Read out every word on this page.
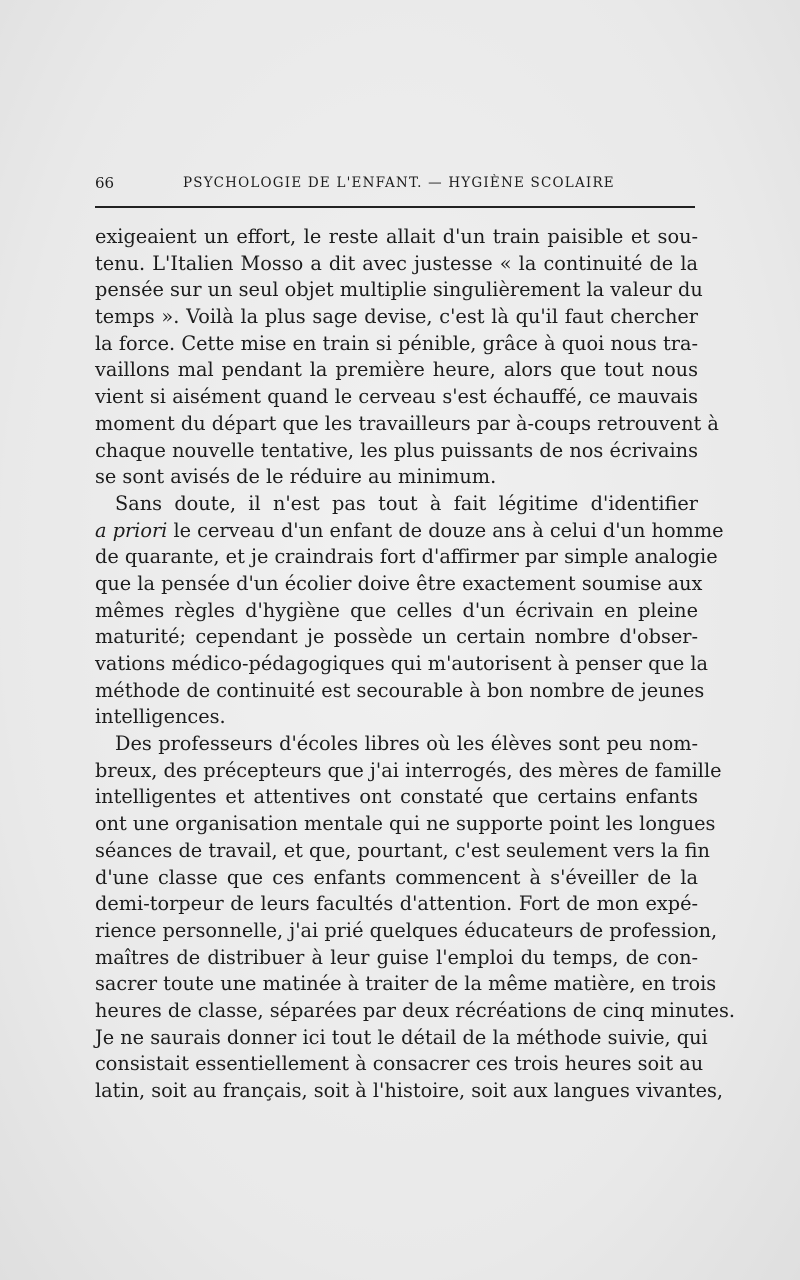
66	PSYCHOLOGIE DE L'ENFANT. — HYGIÈNE SCOLAIRE
exigeaient un effort, le reste allait d'un train paisible et sou-
tenu. L'Italien Mosso a dit avec justesse « la continuité de la
pensée sur un seul objet multiplie singulièrement la valeur du
temps ». Voilà la plus sage devise, c'est là qu'il faut chercher
la force. Cette mise en train si pénible, grâce à quoi nous tra-
vaillons mal pendant la première heure, alors que tout nous
vient si aisément quand le cerveau s'est échauffé, ce mauvais
moment du départ que les travailleurs par à-coups retrouvent à
chaque nouvelle tentative, les plus puissants de nos écrivains
se sont avisés de le réduire au minimum.
Sans doute, il n'est pas tout à fait légitime d'identifier
a priori le cerveau d'un enfant de douze ans à celui d'un homme
de quarante, et je craindrais fort d'affirmer par simple analogie
que la pensée d'un écolier doive être exactement soumise aux
mêmes règles d'hygiène que celles d'un écrivain en pleine
maturité; cependant je possède un certain nombre d'obser-
vations médico-pédagogiques qui m'autorisent à penser que la
méthode de continuité est secourable à bon nombre de jeunes
intelligences.
Des professeurs d'écoles libres où les élèves sont peu nom-
breux, des précepteurs que j'ai interrogés, des mères de famille
intelligentes et attentives ont constaté que certains enfants
ont une organisation mentale qui ne supporte point les longues
séances de travail, et que, pourtant, c'est seulement vers la fin
d'une classe que ces enfants commencent à s'éveiller de la
demi-torpeur de leurs facultés d'attention. Fort de mon expé-
rience personnelle, j'ai prié quelques éducateurs de profession,
maîtres de distribuer à leur guise l'emploi du temps, de con-
sacrer toute une matinée à traiter de la même matière, en trois
heures de classe, séparées par deux récréations de cinq minutes.
Je ne saurais donner ici tout le détail de la méthode suivie, qui
consistait essentiellement à consacrer ces trois heures soit au
latin, soit au français, soit à l'histoire, soit aux langues vivantes,
